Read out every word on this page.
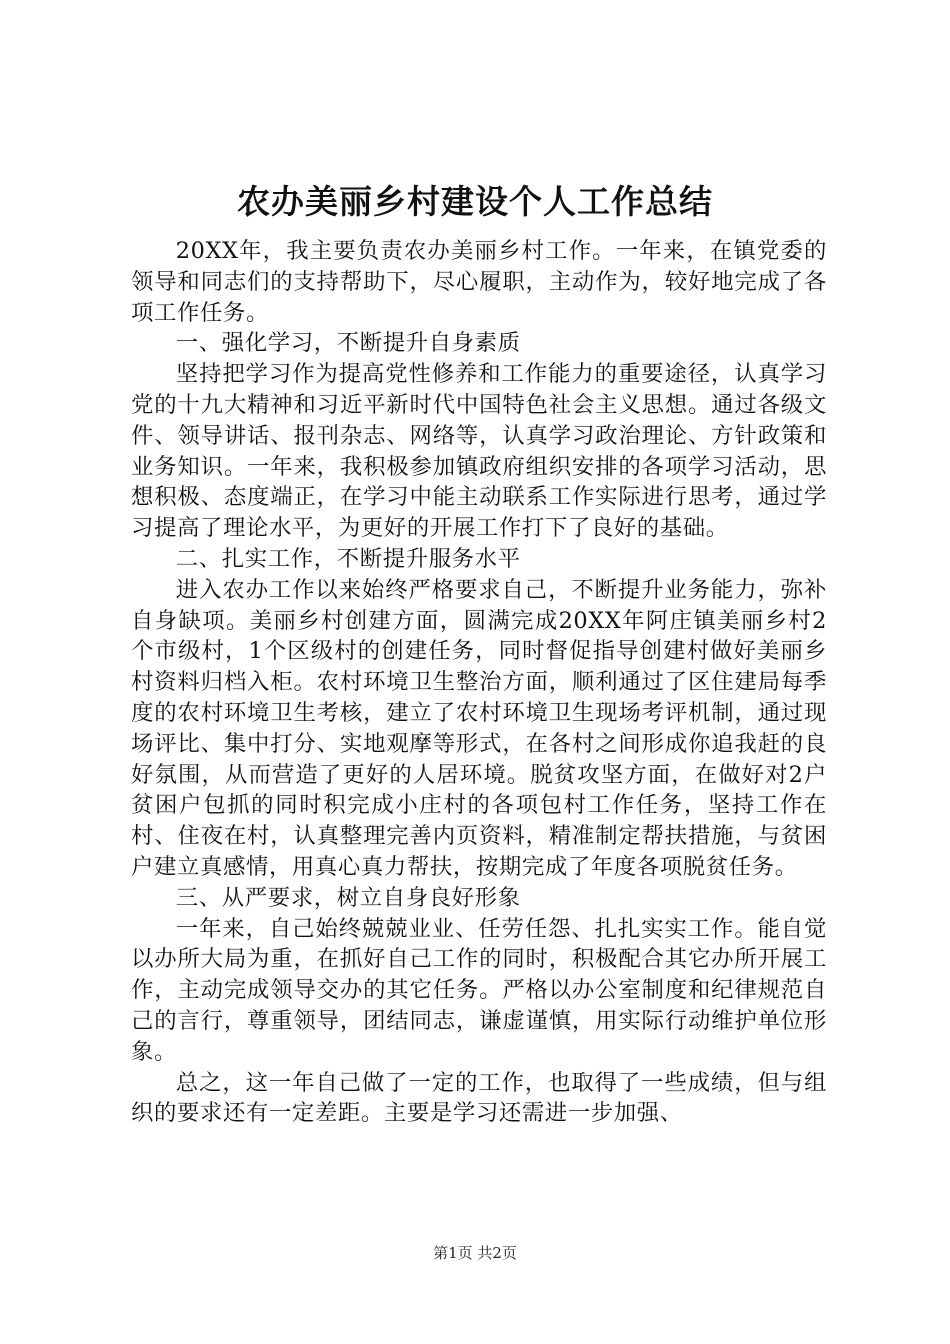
农办美丽乡村建设个人工作总结

20XX年，我主要负责农办美丽乡村工作。一年来，在镇党委的领导和同志们的支持帮助下，尽心履职，主动作为，较好地完成了各项工作任务。

一、强化学习，不断提升自身素质

坚持把学习作为提高党性修养和工作能力的重要途径，认真学习党的十九大精神和习近平新时代中国特色社会主义思想。通过各级文件、领导讲话、报刊杂志、网络等，认真学习政治理论、方针政策和业务知识。一年来，我积极参加镇政府组织安排的各项学习活动，思想积极、态度端正，在学习中能主动联系工作实际进行思考，通过学习提高了理论水平，为更好的开展工作打下了良好的基础。

二、扎实工作，不断提升服务水平

进入农办工作以来始终严格要求自己，不断提升业务能力，弥补自身缺项。美丽乡村创建方面，圆满完成20XX年阿庄镇美丽乡村2个市级村，1个区级村的创建任务，同时督促指导创建村做好美丽乡村资料归档入柜。农村环境卫生整治方面，顺利通过了区住建局每季度的农村环境卫生考核，建立了农村环境卫生现场考评机制，通过现场评比、集中打分、实地观摩等形式，在各村之间形成你追我赶的良好氛围，从而营造了更好的人居环境。脱贫攻坚方面，在做好对2户贫困户包抓的同时积完成小庄村的各项包村工作任务，坚持工作在村、住夜在村，认真整理完善内页资料，精准制定帮扶措施，与贫困户建立真感情，用真心真力帮扶，按期完成了年度各项脱贫任务。

三、从严要求，树立自身良好形象

一年来，自己始终兢兢业业、任劳任怨、扎扎实实工作。能自觉以办所大局为重，在抓好自己工作的同时，积极配合其它办所开展工作，主动完成领导交办的其它任务。严格以办公室制度和纪律规范自己的言行，尊重领导，团结同志，谦虚谨慎，用实际行动维护单位形象。

总之，这一年自己做了一定的工作，也取得了一些成绩，但与组织的要求还有一定差距。主要是学习还需进一步加强、

第1页 共2页
